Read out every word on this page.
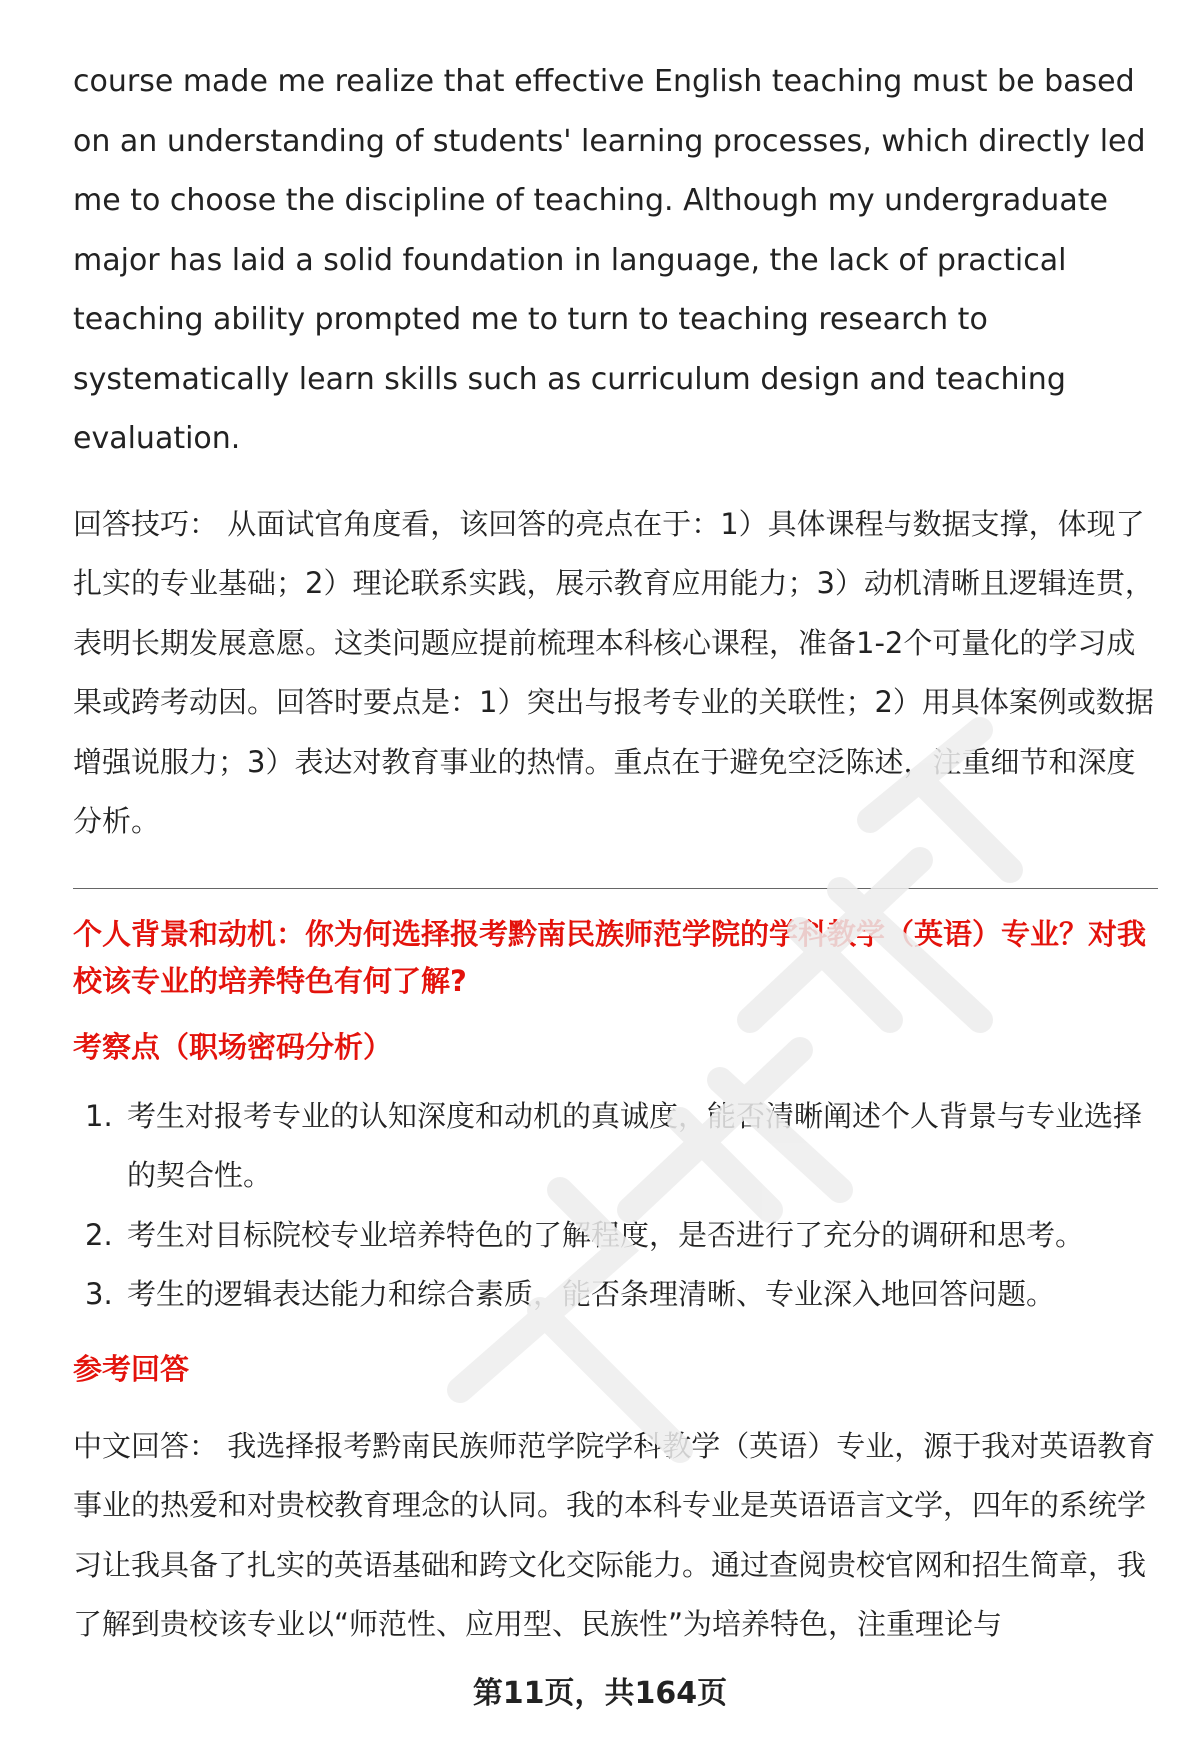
course made me realize that effective English teaching must be based on an understanding of students' learning processes, which directly led me to choose the discipline of teaching. Although my undergraduate major has laid a solid foundation in language, the lack of practical teaching ability prompted me to turn to teaching research to systematically learn skills such as curriculum design and teaching evaluation.

回答技巧： 从面试官角度看，该回答的亮点在于：1）具体课程与数据支撑，体现了扎实的专业基础；2）理论联系实践，展示教育应用能力；3）动机清晰且逻辑连贯，表明长期发展意愿。这类问题应提前梳理本科核心课程，准备1-2个可量化的学习成果或跨考动因。回答时要点是：1）突出与报考专业的关联性；2）用具体案例或数据增强说服力；3）表达对教育事业的热情。重点在于避免空泛陈述，注重细节和深度分析。

个人背景和动机：你为何选择报考黔南民族师范学院的学科教学（英语）专业？对我校该专业的培养特色有何了解?
考察点（职场密码分析）
1. 考生对报考专业的认知深度和动机的真诚度，能否清晰阐述个人背景与专业选择的契合性。
2. 考生对目标院校专业培养特色的了解程度，是否进行了充分的调研和思考。
3. 考生的逻辑表达能力和综合素质，能否条理清晰、专业深入地回答问题。
参考回答

中文回答： 我选择报考黔南民族师范学院学科教学（英语）专业，源于我对英语教育事业的热爱和对贵校教育理念的认同。我的本科专业是英语语言文学，四年的系统学习让我具备了扎实的英语基础和跨文化交际能力。通过查阅贵校官网和招生简章，我了解到贵校该专业以“师范性、应用型、民族性”为培养特色，注重理论与

第11页，共164页
